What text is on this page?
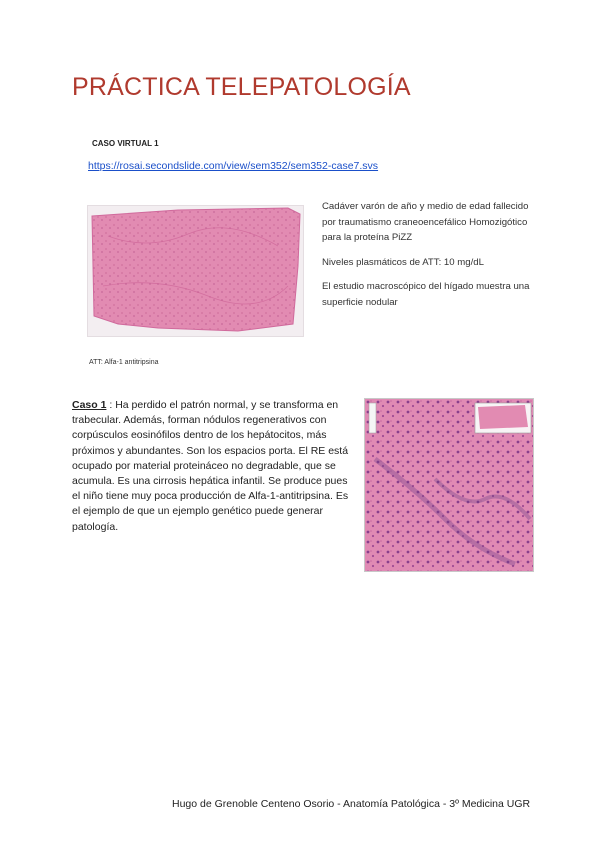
PRÁCTICA TELEPATOLOGÍA
CASO VIRTUAL 1
https://rosai.secondslide.com/view/sem352/sem352-case7.svs

Cadáver varón de año y medio de edad fallecido por traumatismo craneoencefálico Homozigótico para la proteína PiZZ

Niveles plasmáticos de ATT: 10 mg/dL

El estudio macroscópico del hígado muestra una superficie nodular

ATT: Alfa-1 antitripsina
Caso 1 : Ha perdido el patrón normal, y se transforma en trabecular. Además, forman nódulos regenerativos con corpúsculos eosinófilos dentro de los hepátocitos, más próximos y abundantes. Son los espacios porta. El RE está ocupado por material proteináceo no degradable, que se acumula. Es una cirrosis hepática infantil. Se produce pues el niño tiene muy poca producción de Alfa-1-antitripsina. Es el ejemplo de que un ejemplo genético puede generar patología.
Hugo de Grenoble Centeno Osorio - Anatomía Patológica - 3º Medicina UGR
